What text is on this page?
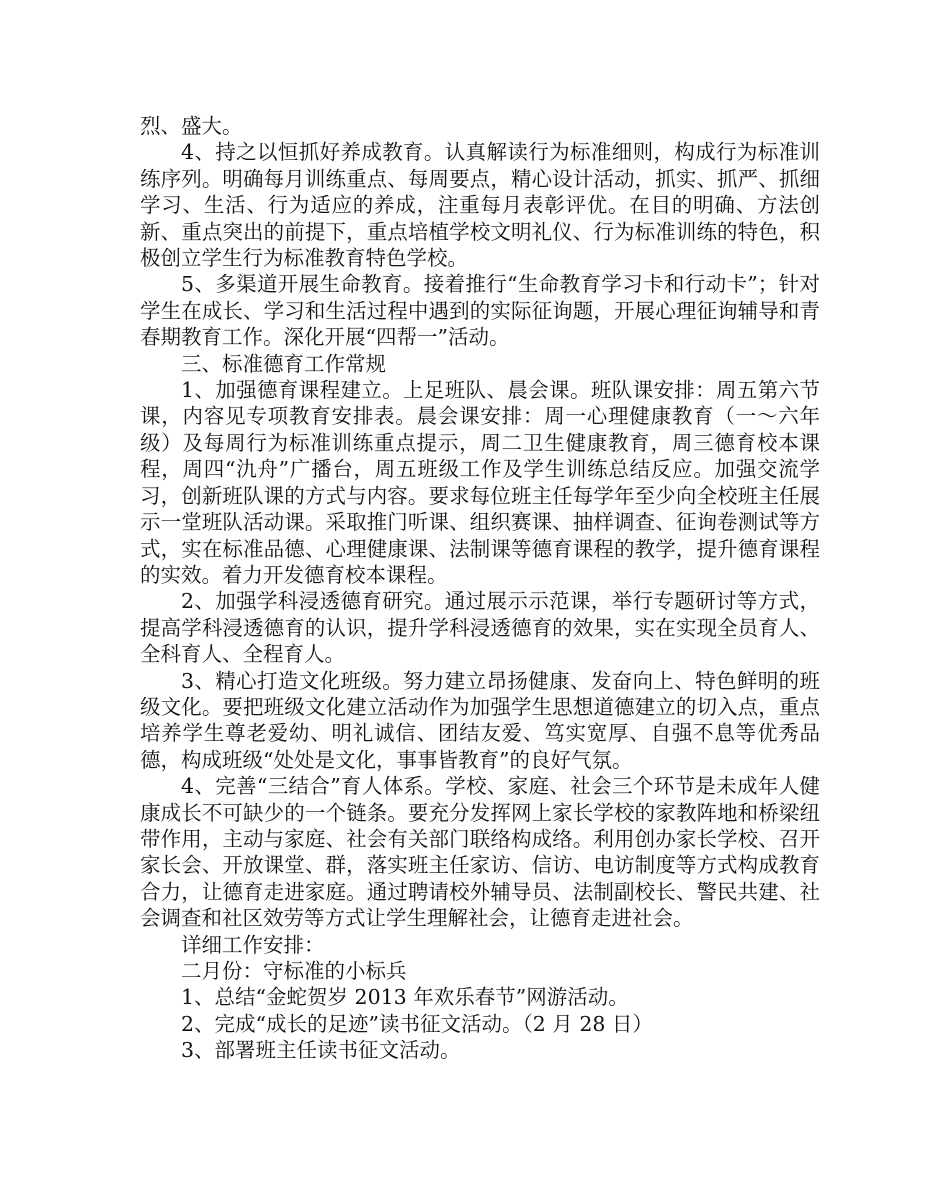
烈、盛大。

4、持之以恒抓好养成教育。认真解读行为标准细则，构成行为标准训练序列。明确每月训练重点、每周要点，精心设计活动，抓实、抓严、抓细学习、生活、行为适应的养成，注重每月表彰评优。在目的明确、方法创新、重点突出的前提下，重点培植学校文明礼仪、行为标准训练的特色，积极创立学生行为标准教育特色学校。

5、多渠道开展生命教育。接着推行“生命教育学习卡和行动卡”；针对学生在成长、学习和生活过程中遇到的实际征询题，开展心理征询辅导和青春期教育工作。深化开展“四帮一”活动。

三、标准德育工作常规

1、加强德育课程建立。上足班队、晨会课。班队课安排：周五第六节课，内容见专项教育安排表。晨会课安排：周一心理健康教育（一～六年级）及每周行为标准训练重点提示，周二卫生健康教育，周三德育校本课程，周四“氿舟”广播台，周五班级工作及学生训练总结反应。加强交流学习，创新班队课的方式与内容。要求每位班主任每学年至少向全校班主任展示一堂班队活动课。采取推门听课、组织赛课、抽样调查、征询卷测试等方式，实在标准品德、心理健康课、法制课等德育课程的教学，提升德育课程的实效。着力开发德育校本课程。

2、加强学科浸透德育研究。通过展示示范课，举行专题研讨等方式，提高学科浸透德育的认识，提升学科浸透德育的效果，实在实现全员育人、全科育人、全程育人。

3、精心打造文化班级。努力建立昂扬健康、发奋向上、特色鲜明的班级文化。要把班级文化建立活动作为加强学生思想道德建立的切入点，重点培养学生尊老爱幼、明礼诚信、团结友爱、笃实宽厚、自强不息等优秀品德，构成班级“处处是文化，事事皆教育”的良好气氛。

4、完善“三结合”育人体系。学校、家庭、社会三个环节是未成年人健康成长不可缺少的一个链条。要充分发挥网上家长学校的家教阵地和桥梁纽带作用，主动与家庭、社会有关部门联络构成络。利用创办家长学校、召开家长会、开放课堂、群，落实班主任家访、信访、电访制度等方式构成教育合力，让德育走进家庭。通过聘请校外辅导员、法制副校长、警民共建、社会调查和社区效劳等方式让学生理解社会，让德育走进社会。

详细工作安排：

二月份：守标准的小标兵

1、总结“金蛇贺岁 2013 年欢乐春节”网游活动。

2、完成“成长的足迹”读书征文活动。（2 月 28 日）

3、部署班主任读书征文活动。
